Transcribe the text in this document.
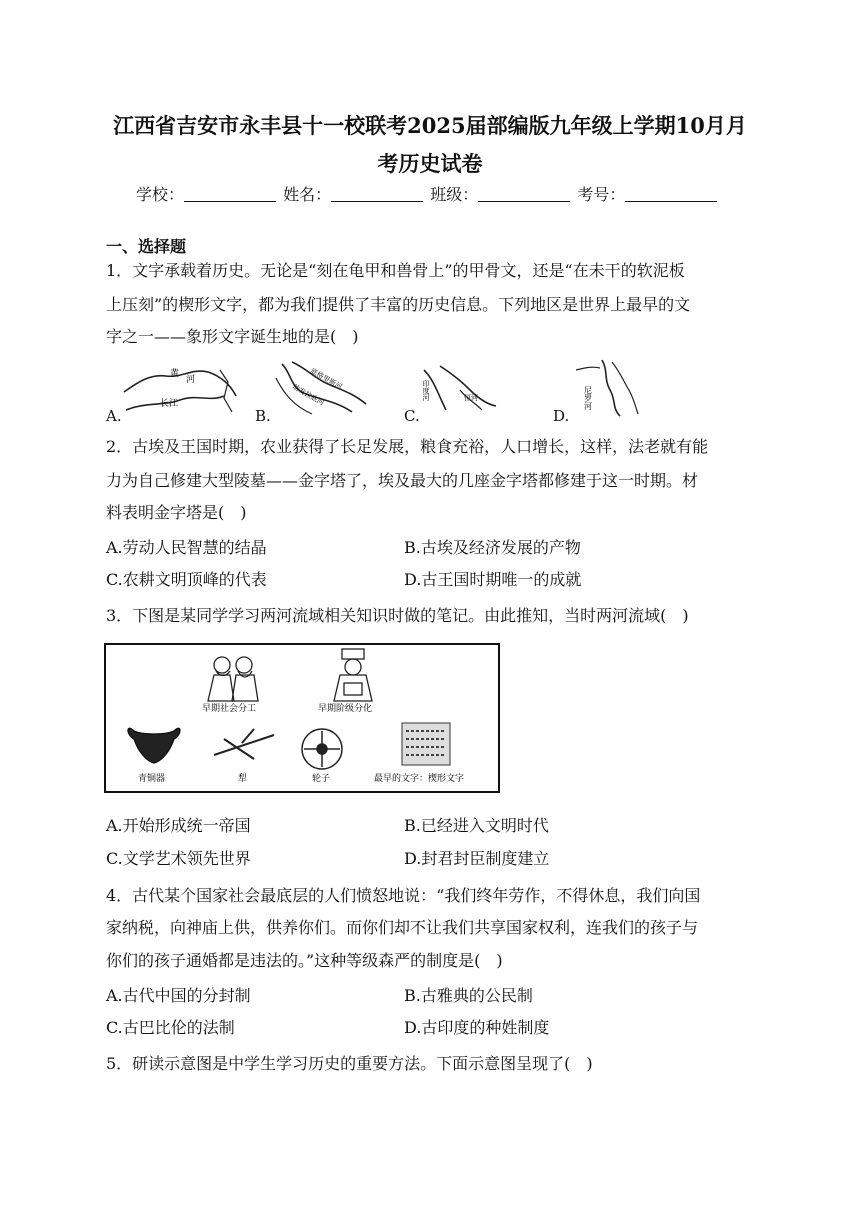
江西省吉安市永丰县十一校联考2025届部编版九年级上学期10月月
考历史试卷
学校：	姓名：	班级：	考号：
一、选择题
1．文字承载着历史。无论是“刻在龟甲和兽骨上”的甲骨文，还是“在未干的软泥板
上压刻”的楔形文字，都为我们提供了丰富的历史信息。下列地区是世界上最早的文
字之一——象形文字诞生地的是(　)
A.	B.	C.	D.
黄
河
长江
底格里斯河
幼发拉底河	印度河	恒河	尼罗河
2．古埃及王国时期，农业获得了长足发展，粮食充裕，人口增长，这样，法老就有能
力为自己修建大型陵墓——金字塔了，埃及最大的几座金字塔都修建于这一时期。材
料表明金字塔是(　)
A.劳动人民智慧的结晶	B.古埃及经济发展的产物
C.农耕文明顶峰的代表	D.古王国时期唯一的成就
3．下图是某同学学习两河流域相关知识时做的笔记。由此推知，当时两河流域(　)
早期社会分工	早期阶级分化
青铜器	犁	轮子	最早的文字：楔形文字
A.开始形成统一帝国	B.已经进入文明时代
C.文学艺术领先世界	D.封君封臣制度建立
4．古代某个国家社会最底层的人们愤怒地说：“我们终年劳作，不得休息，我们向国
家纳税，向神庙上供，供养你们。而你们却不让我们共享国家权利，连我们的孩子与
你们的孩子通婚都是违法的。”这种等级森严的制度是(　)
A.古代中国的分封制	B.古雅典的公民制
C.古巴比伦的法制	D.古印度的种姓制度
5．研读示意图是中学生学习历史的重要方法。下面示意图呈现了(　)
